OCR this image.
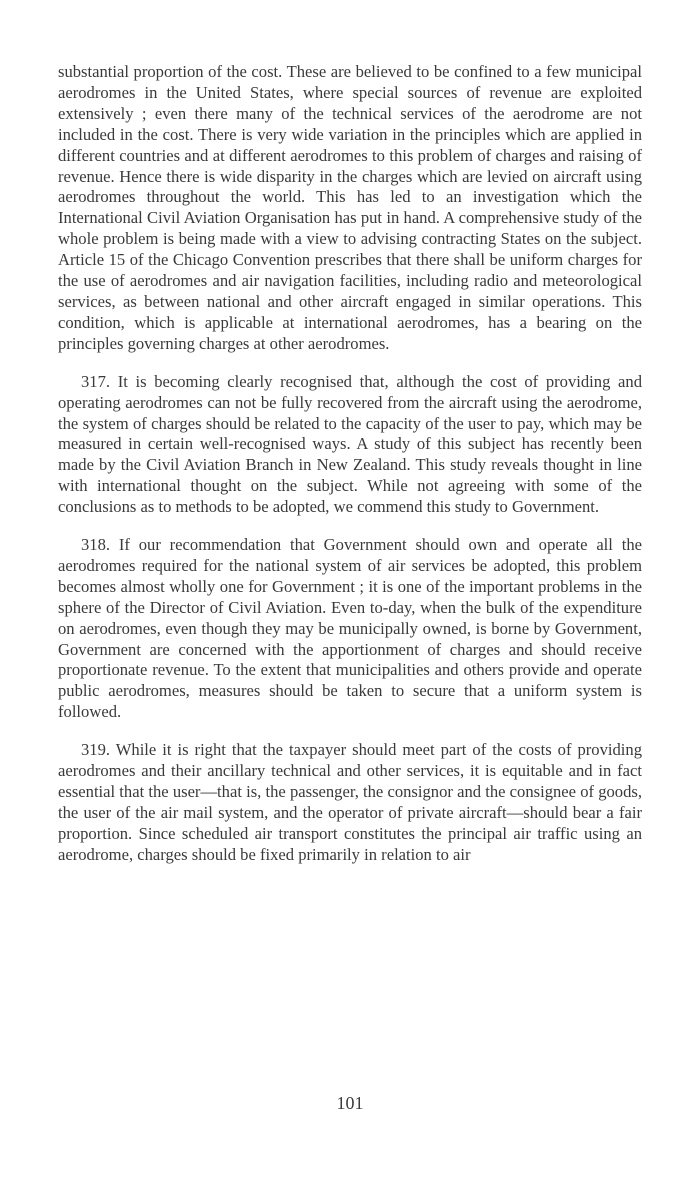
substantial proportion of the cost. These are believed to be confined to a few municipal aerodromes in the United States, where special sources of revenue are exploited extensively ; even there many of the technical services of the aerodrome are not included in the cost. There is very wide variation in the principles which are applied in different countries and at different aerodromes to this problem of charges and raising of revenue. Hence there is wide disparity in the charges which are levied on aircraft using aerodromes throughout the world. This has led to an investigation which the International Civil Aviation Organisation has put in hand. A comprehensive study of the whole problem is being made with a view to advising contracting States on the subject. Article 15 of the Chicago Convention prescribes that there shall be uniform charges for the use of aerodromes and air navigation facilities, including radio and meteorological services, as between national and other aircraft engaged in similar operations. This condition, which is applicable at international aerodromes, has a bearing on the principles governing charges at other aerodromes.

317. It is becoming clearly recognised that, although the cost of providing and operating aerodromes can not be fully recovered from the aircraft using the aerodrome, the system of charges should be related to the capacity of the user to pay, which may be measured in certain well-recognised ways. A study of this subject has recently been made by the Civil Aviation Branch in New Zealand. This study reveals thought in line with international thought on the subject. While not agreeing with some of the conclusions as to methods to be adopted, we commend this study to Government.

318. If our recommendation that Government should own and operate all the aerodromes required for the national system of air services be adopted, this problem becomes almost wholly one for Government ; it is one of the important problems in the sphere of the Director of Civil Aviation. Even to-day, when the bulk of the expenditure on aerodromes, even though they may be municipally owned, is borne by Government, Government are concerned with the apportionment of charges and should receive proportionate revenue. To the extent that municipalities and others provide and operate public aerodromes, measures should be taken to secure that a uniform system is followed.

319. While it is right that the taxpayer should meet part of the costs of providing aerodromes and their ancillary technical and other services, it is equitable and in fact essential that the user—that is, the passenger, the consignor and the consignee of goods, the user of the air mail system, and the operator of private aircraft—should bear a fair proportion. Since scheduled air transport constitutes the principal air traffic using an aerodrome, charges should be fixed primarily in relation to air

101
